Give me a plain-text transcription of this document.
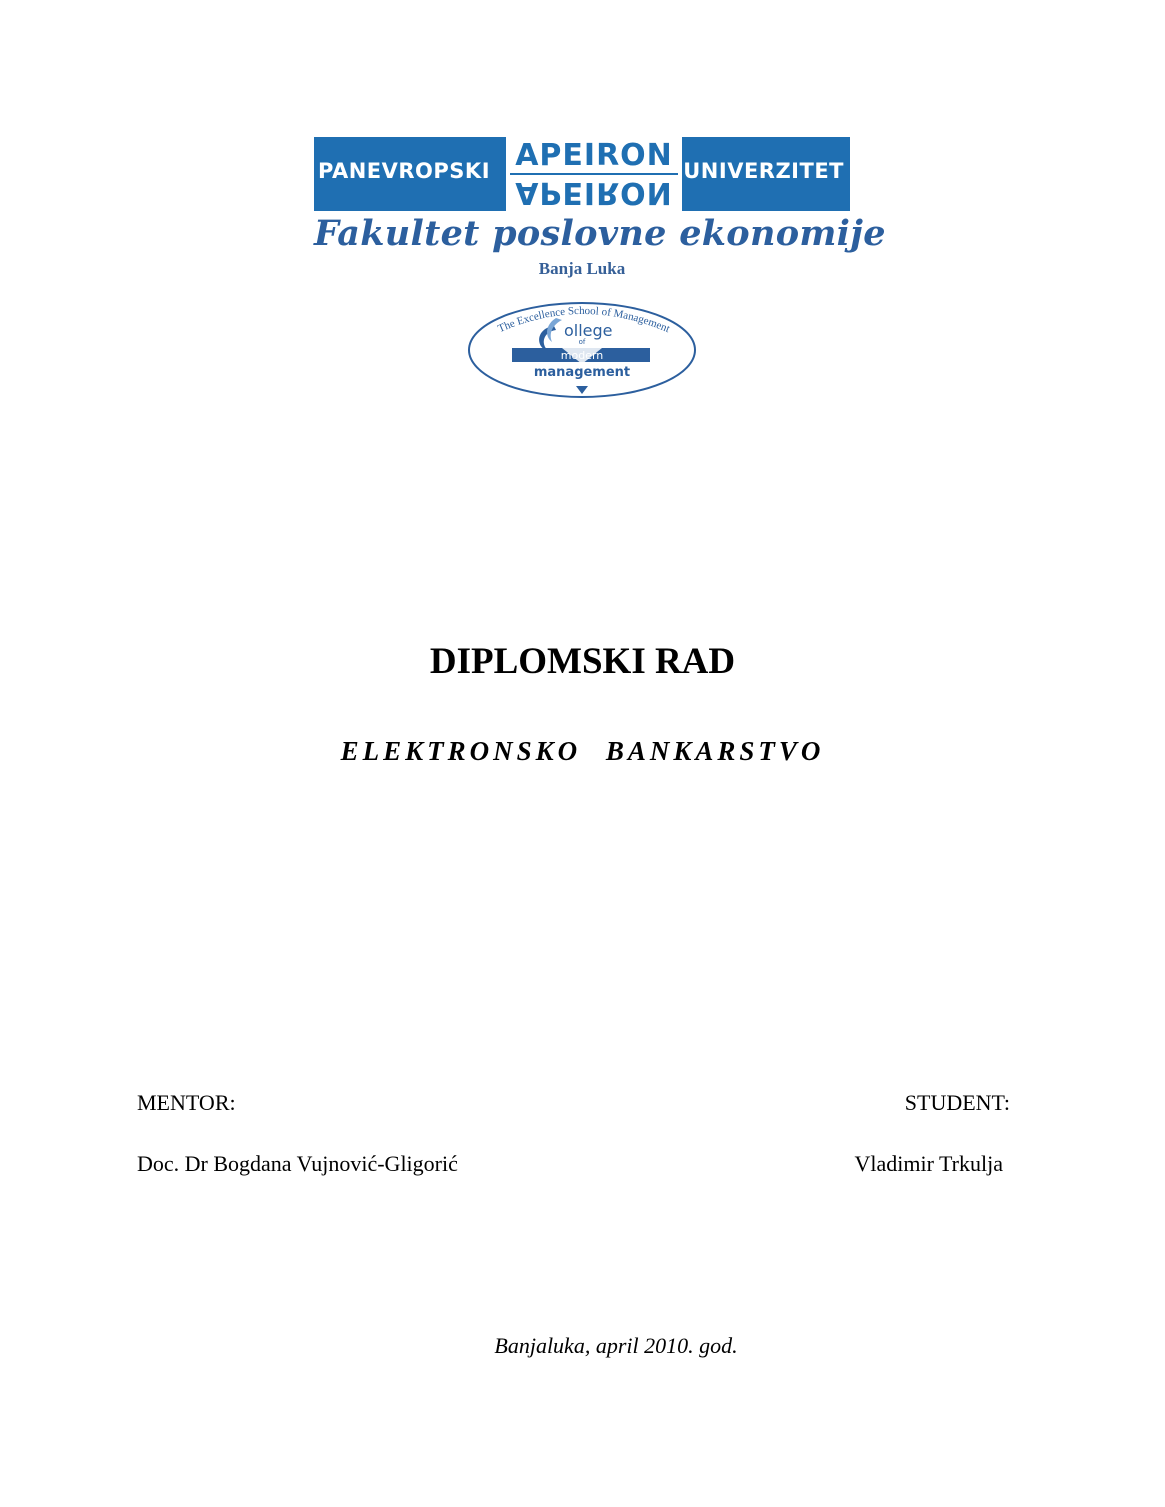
PANEVROPSKI APEIRON
APEIRON
UNIVERZITET
Fakultet poslovne ekonomije
Banja Luka
The Excellence School of Management
ollege
of
modern
management
DIPLOMSKI RAD
ELEKTRONSKO BANKARSTVO
MENTOR:	STUDENT:
Doc. Dr Bogdana Vujnović-Gligorić	Vladimir Trkulja
Banjaluka, april 2010. god.
